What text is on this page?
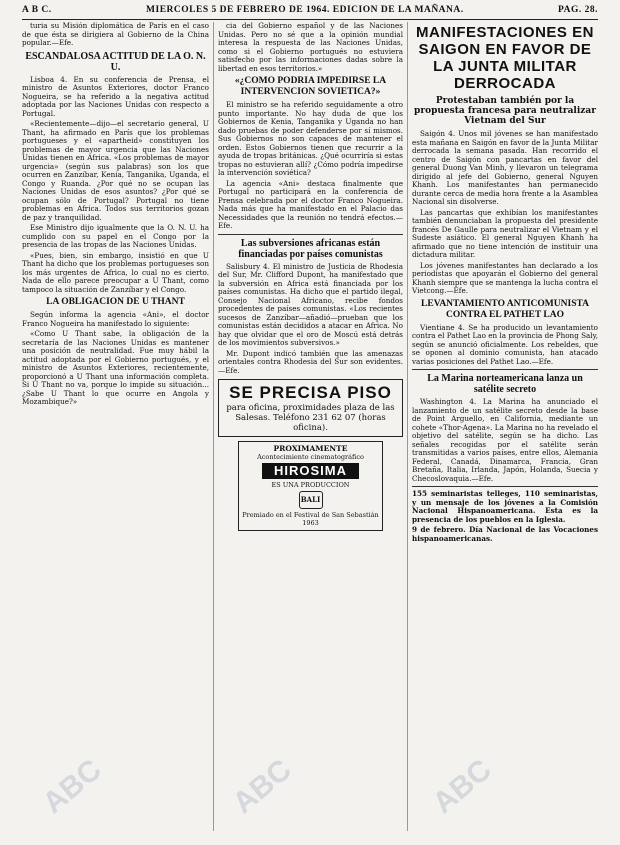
A B C.	MIERCOLES 5 DE FEBRERO DE 1964. EDICION DE LA MAÑANA.	PAG. 28.

turia su Misión diplomática de París en el caso de que ésta se dirigiera al Gobierno de la China popular.—Efe.

ESCANDALOSA ACTITUD DE LA O. N. U.

Lisboa 4. En su conferencia de Prensa, el ministro de Asuntos Exteriores, doctor Franco Nogueira, se ha referido a la negativa actitud adoptada por las Naciones Unidas con respecto a Portugal.

«Recientemente—dijo—el secretario general, U Thant, ha afirmado en París que los problemas portugueses y el «apartheid» constituyen los problemas de mayor urgencia que las Naciones Unidas tienen en Africa. «Los problemas de mayor urgencia» (según sus palabras) son los que ocurren en Zanzíbar, Kenia, Tanganika, Uganda, el Congo y Ruanda. ¿Por qué no se ocupan las Naciones Unidas de esos asuntos? ¿Por qué se ocupan sólo de Portugal? Portugal no tiene problemas en Africa. Todos sus territorios gozan de paz y tranquilidad.

Ese Ministro dijo igualmente que la O. N. U. ha cumplido con su papel en el Congo por la presencia de las tropas de las Naciones Unidas.

«Pues, bien, sin embargo, insistió en que U Thant ha dicho que los problemas portugueses son los más urgentes de Africa, lo cual no es cierto. Nada de ello parece preocupar a U Thant, como tampoco la situación de Zanzíbar y el Congo.

LA OBLIGACION DE U THANT

Según informa la agencia «Ani», el doctor Franco Nogueira ha manifestado lo siguiente:

«Como U Thant sabe, la obligación de la secretaría de las Naciones Unidas es mantener una posición de neutralidad. Fue muy hábil la actitud adoptada por el Gobierno portugués, y el ministro de Asuntos Exteriores, recientemente, proporcionó a U Thant una información completa. Si U Thant no va, porque lo impide su situación... ¿Sabe U Thant lo que ocurre en Angola y Mozambique?»

cia del Gobierno español y de las Naciones Unidas. Pero no sé que a la opinión mundial interesa la respuesta de las Naciones Unidas, como si el Gobierno portugués no estuviera satisfecho por las informaciones dadas sobre la libertad en esos territorios.»

«¿COMO PODRIA IMPEDIRSE LA INTERVENCION SOVIETICA?»

El ministro se ha referido seguidamente a otro punto importante. No hay duda de que los Gobiernos de Kenia, Tanganika y Uganda no han dado pruebas de poder defenderse por sí mismos. Sus Gobiernos no son capaces de mantener el orden. Estos Gobiernos tienen que recurrir a la ayuda de tropas británicas. ¿Qué ocurriría si estas tropas no estuvieran allí? ¿Cómo podría impedirse la intervención soviética?

La agencia «Ani» destaca finalmente que Portugal no participará en la conferencia de Prensa celebrada por el doctor Franco Nogueira. Nada más que ha manifestado en el Palacio das Necessidades que la reunión no tendrá efectos.—Efe.

Las subversiones africanas están financiadas por países comunistas

Salisbury 4. El ministro de Justicia de Rhodesia del Sur, Mr. Clifford Dupont, ha manifestado que la subversión en Africa está financiada por los países comunistas. Ha dicho que el partido ilegal, Consejo Nacional Africano, recibe fondos procedentes de países comunistas. «Los recientes sucesos de Zanzíbar—añadió—prueban que los comunistas están decididos a atacar en Africa. No hay que olvidar que el oro de Moscú está detrás de los movimientos subversivos.»

Mr. Dupont indicó también que las amenazas orientales contra Rhodesia del Sur son evidentes.—Efe.

SE PRECISA PISO
para oficina, proximidades plaza de las Salesas. Teléfono 231 62 07 (horas oficina).
PROXIMAMENTE
Acontecimiento cinematográfico
HIROSIMA
ES UNA PRODUCCION
BALI
Premiado en el Festival de San Sebastián 1963
MANIFESTACIONES EN SAIGON EN FAVOR DE LA JUNTA MILITAR DERROCADA
Protestaban también por la propuesta francesa para neutralizar Vietnam del Sur

Saigón 4. Unos mil jóvenes se han manifestado esta mañana en Saigón en favor de la Junta Militar derrocada la semana pasada. Han recorrido el centro de Saigón con pancartas en favor del general Duong Van Minh, y llevaron un telegrama dirigido al jefe del Gobierno, general Nguyen Khanh. Los manifestantes han permanecido durante cerca de media hora frente a la Asamblea Nacional sin disolverse.

Las pancartas que exhibían los manifestantes también denunciaban la propuesta del presidente francés De Gaulle para neutralizar el Vietnam y el Sudeste asiático. El general Nguyen Khanh ha afirmado que no tiene intención de instituir una dictadura militar.

Los jóvenes manifestantes han declarado a los periodistas que apoyarán el Gobierno del general Khanh siempre que se mantenga la lucha contra el Vietcong.—Efe.

LEVANTAMIENTO ANTICOMUNISTA CONTRA EL PATHET LAO

Vientiane 4. Se ha producido un levantamiento contra el Pathet Lao en la provincia de Phong Saly, según se anunció oficialmente. Los rebeldes, que se oponen al dominio comunista, han atacado varias posiciones del Pathet Lao.—Efe.

La Marina norteamericana lanza un satélite secreto

Washington 4. La Marina ha anunciado el lanzamiento de un satélite secreto desde la base de Point Arguello, en California, mediante un cohete «Thor-Agena». La Marina no ha revelado el objetivo del satélite, según se ha dicho. Las señales recogidas por el satélite serán transmitidas a varios países, entre ellos, Alemania Federal, Canadá, Dinamarca, Francia, Gran Bretaña, Italia, Irlanda, Japón, Holanda, Suecia y Checoslovaquia.—Efe.

155 seminaristas telleges, 110 seminaristas, y un mensaje de los jóvenes a la Comisión Nacional Hispanoamericana. Esta es la presencia de los pueblos en la Iglesia.
9 de febrero. Día Nacional de las Vocaciones hispanoamericanas.
ABC	ABC	ABC
